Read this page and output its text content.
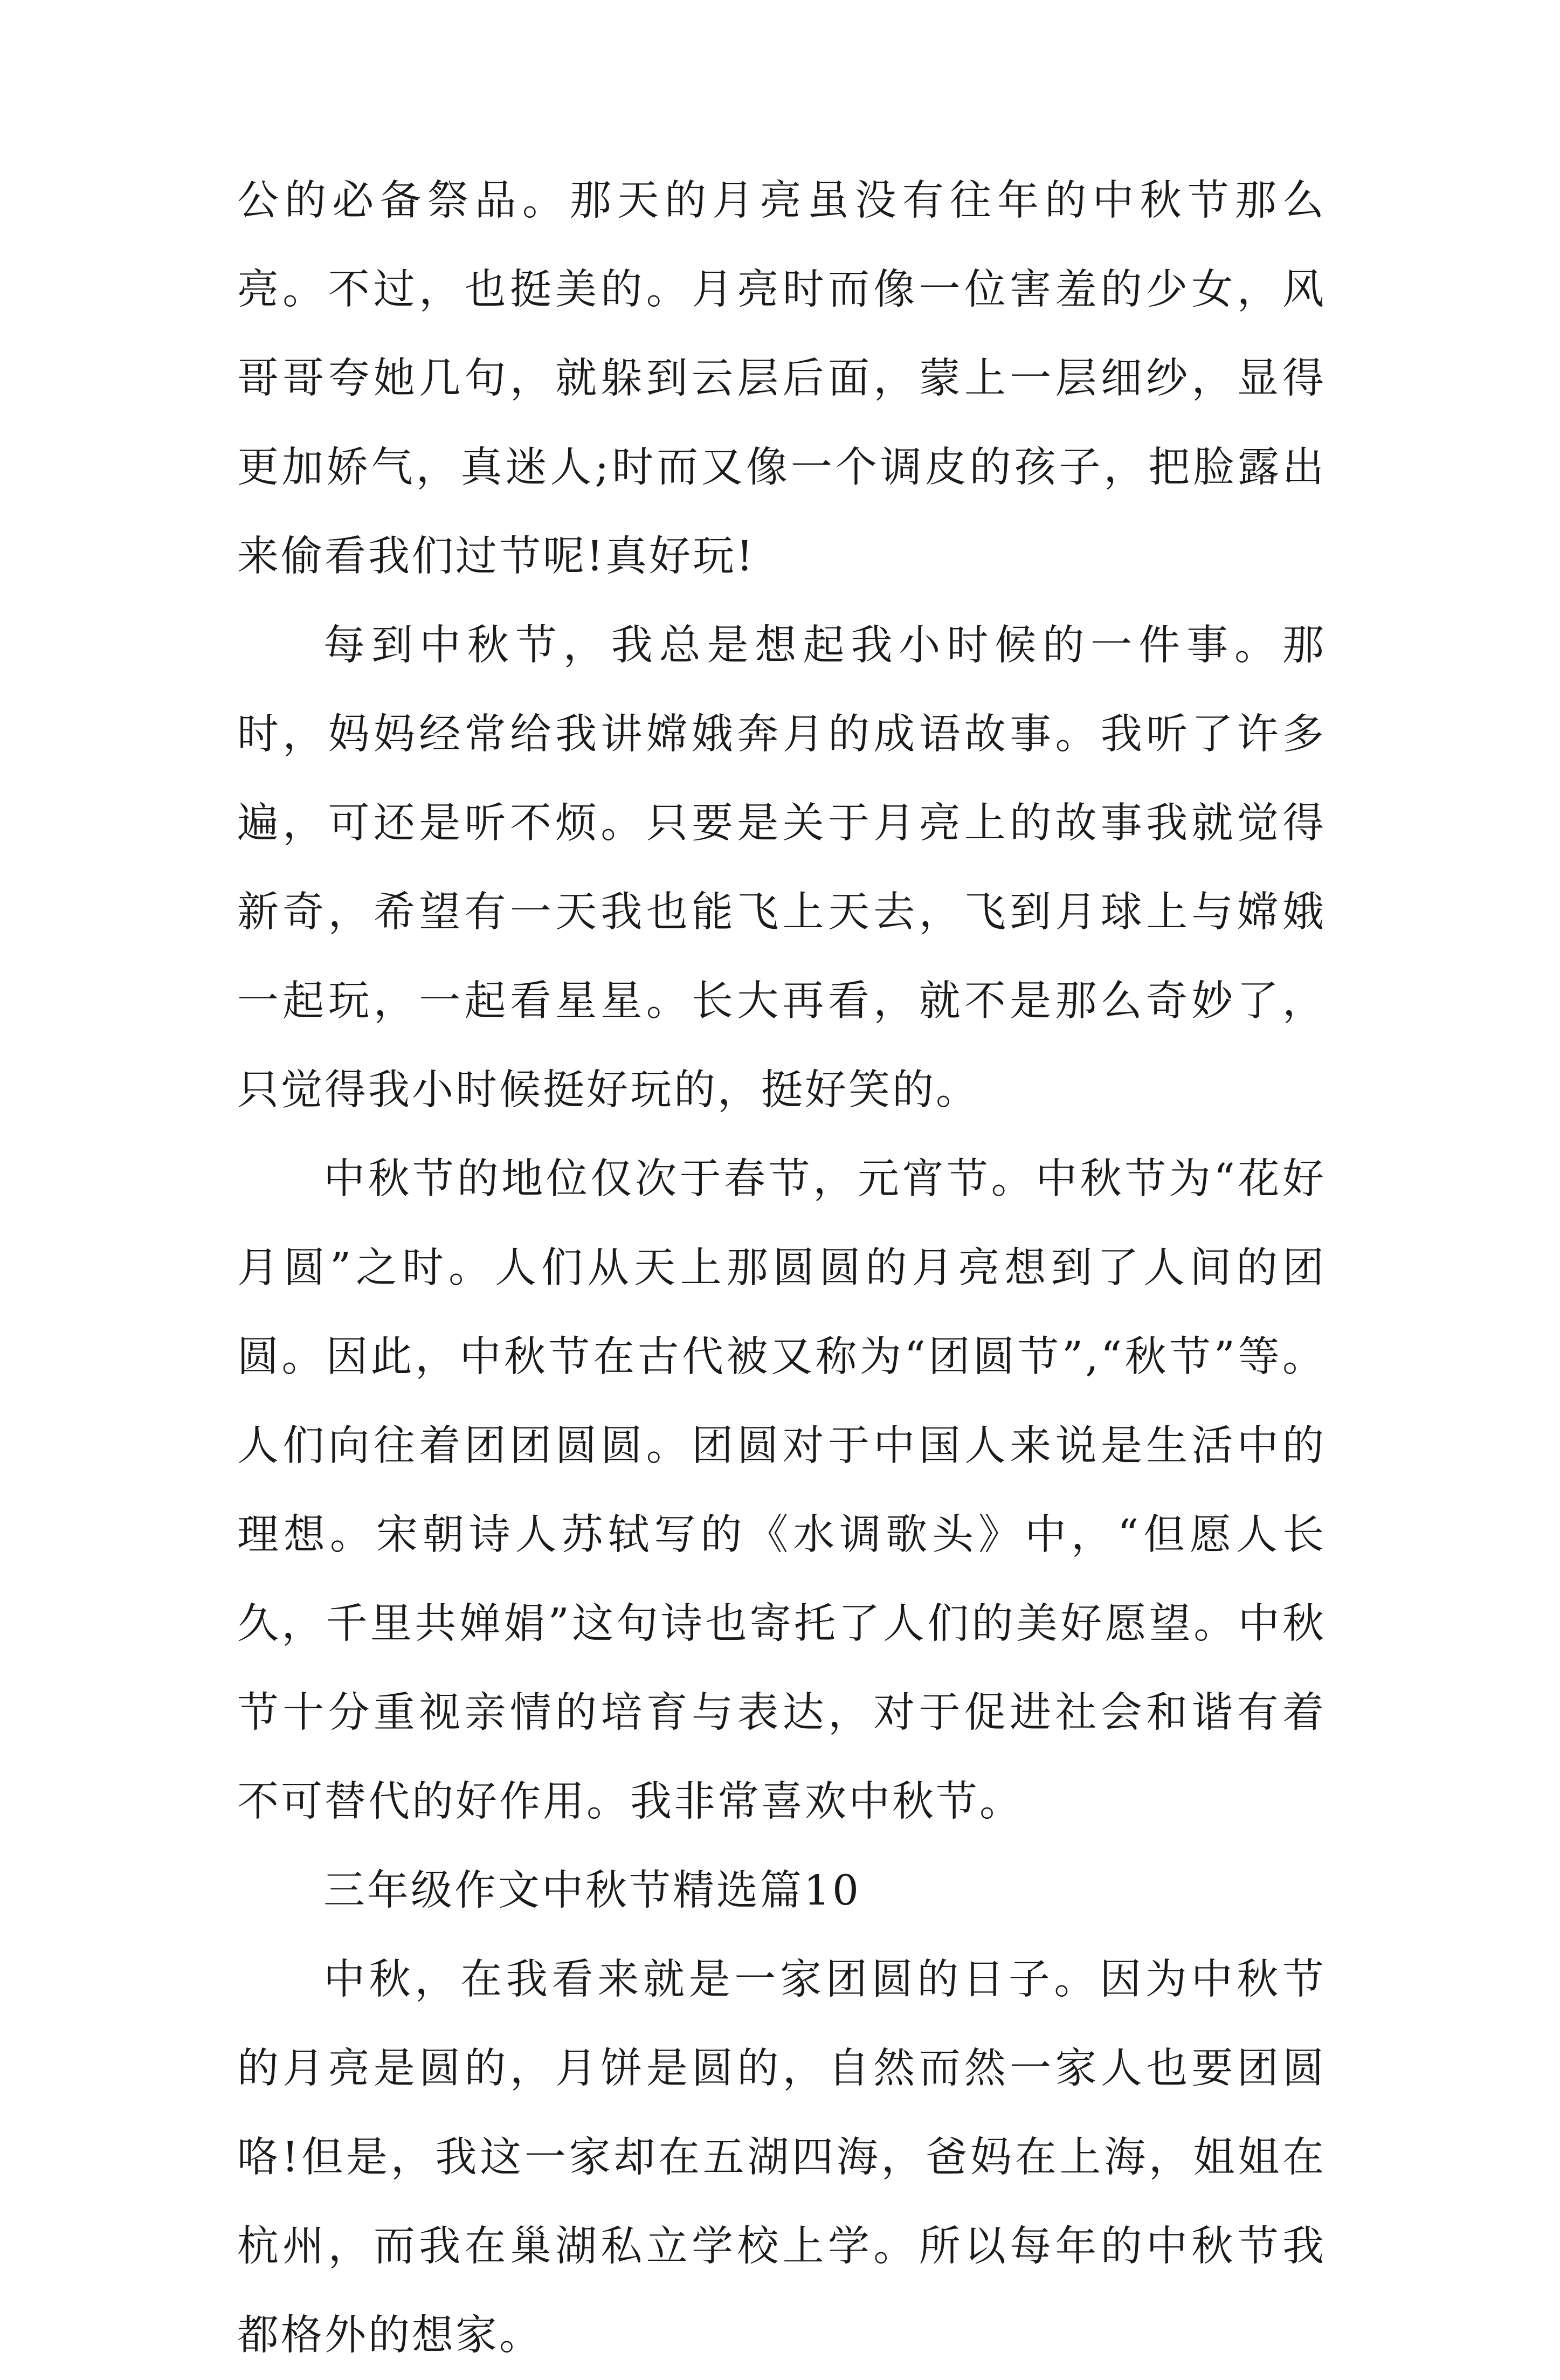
公的必备祭品。那天的月亮虽没有往年的中秋节那么亮。不过，也挺美的。月亮时而像一位害羞的少女，风哥哥夸她几句，就躲到云层后面，蒙上一层细纱，显得更加娇气，真迷人;时而又像一个调皮的孩子，把脸露出来偷看我们过节呢!真好玩!

每到中秋节，我总是想起我小时候的一件事。那时，妈妈经常给我讲嫦娥奔月的成语故事。我听了许多遍，可还是听不烦。只要是关于月亮上的故事我就觉得新奇，希望有一天我也能飞上天去，飞到月球上与嫦娥一起玩，一起看星星。长大再看，就不是那么奇妙了，只觉得我小时候挺好玩的，挺好笑的。

中秋节的地位仅次于春节，元宵节。中秋节为“花好月圆”之时。人们从天上那圆圆的月亮想到了人间的团圆。因此，中秋节在古代被又称为“团圆节”,“秋节”等。人们向往着团团圆圆。团圆对于中国人来说是生活中的理想。宋朝诗人苏轼写的《水调歌头》中，“但愿人长久，千里共婵娟”这句诗也寄托了人们的美好愿望。中秋节十分重视亲情的培育与表达，对于促进社会和谐有着不可替代的好作用。我非常喜欢中秋节。

三年级作文中秋节精选篇10

中秋，在我看来就是一家团圆的日子。因为中秋节的月亮是圆的，月饼是圆的，自然而然一家人也要团圆咯!但是，我这一家却在五湖四海，爸妈在上海，姐姐在杭州，而我在巢湖私立学校上学。所以每年的中秋节我都格外的想家。
